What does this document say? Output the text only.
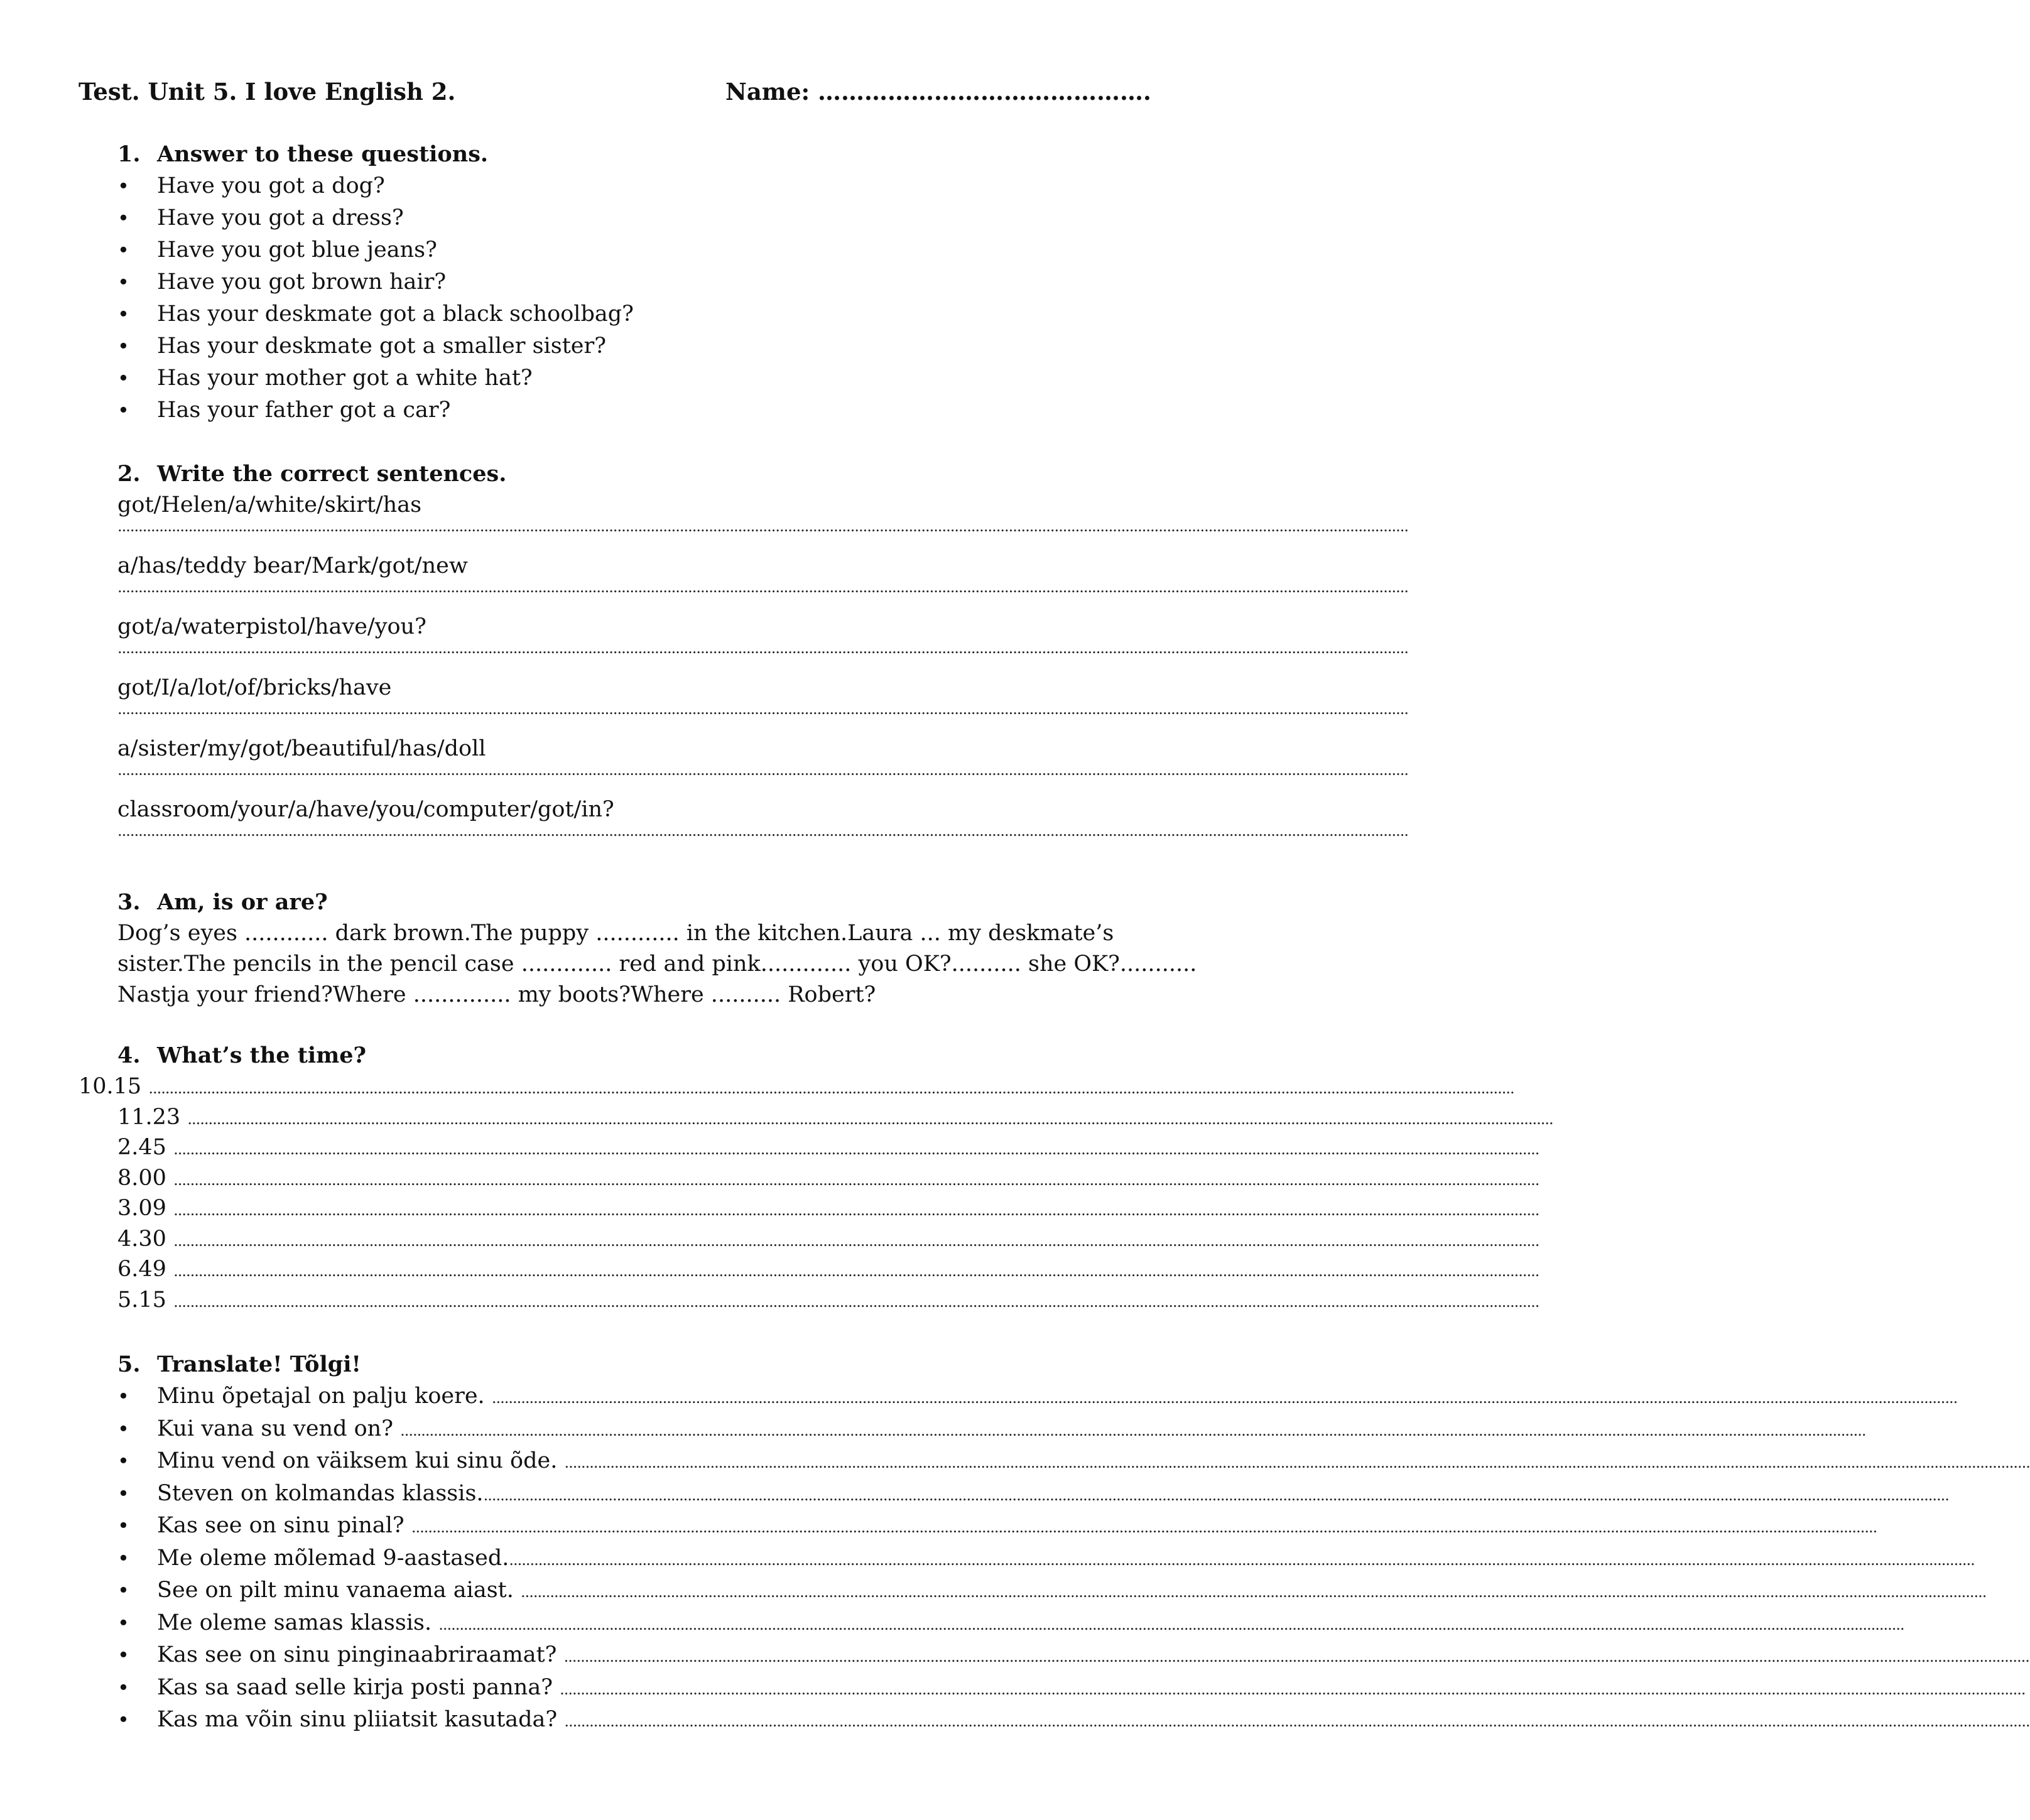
Test. Unit 5. I love English 2.	Name: …………………………………….
1. Answer to these questions.
• Have you got a dog?
• Have you got a dress?
• Have you got blue jeans?
• Have you got brown hair?
• Has your deskmate got a black schoolbag?
• Has your deskmate got a smaller sister?
• Has your mother got a white hat?
• Has your father got a car?
2. Write the correct sentences.
got/Helen/a/white/skirt/has
......................................................................................................................................................................................................................................................................................................................
a/has/teddy bear/Mark/got/new
......................................................................................................................................................................................................................................................................................................................
got/a/waterpistol/have/you?
......................................................................................................................................................................................................................................................................................................................
got/I/a/lot/of/bricks/have
......................................................................................................................................................................................................................................................................................................................
a/sister/my/got/beautiful/has/doll
......................................................................................................................................................................................................................................................................................................................
classroom/your/a/have/you/computer/got/in?
......................................................................................................................................................................................................................................................................................................................
3. Am, is or are?

Dog’s eyes ............ dark brown.The puppy ............ in the kitchen.Laura ... my deskmate’s sister.The pencils in the pencil case ............. red and pink............. you OK?.......... she OK?........... Nastja your friend?Where .............. my boots?Where .......... Robert?

4. What’s the time?
10.15 ........................................................................................................................................................................................................................................................................................................................................
11.23 ........................................................................................................................................................................................................................................................................................................................................
2.45 ........................................................................................................................................................................................................................................................................................................................................
8.00 ........................................................................................................................................................................................................................................................................................................................................
3.09 ........................................................................................................................................................................................................................................................................................................................................
4.30 ........................................................................................................................................................................................................................................................................................................................................
6.49 ........................................................................................................................................................................................................................................................................................................................................
5.15 ........................................................................................................................................................................................................................................................................................................................................
5. Translate! Tõlgi!
• Minu õpetajal on palju koere. ................................................................................................................................................................................................................................................................................................................................................................
• Kui vana su vend on? ................................................................................................................................................................................................................................................................................................................................................................
• Minu vend on väiksem kui sinu õde. ................................................................................................................................................................................................................................................................................................................................................................
• Steven on kolmandas klassis.................................................................................................................................................................................................................................................................................................................................................................
• Kas see on sinu pinal? ................................................................................................................................................................................................................................................................................................................................................................
• Me oleme mõlemad 9-aastased.................................................................................................................................................................................................................................................................................................................................................................
• See on pilt minu vanaema aiast. ................................................................................................................................................................................................................................................................................................................................................................
• Me oleme samas klassis. ................................................................................................................................................................................................................................................................................................................................................................
• Kas see on sinu pinginaabriraamat? ................................................................................................................................................................................................................................................................................................................................................................
• Kas sa saad selle kirja posti panna? ................................................................................................................................................................................................................................................................................................................................................................
• Kas ma võin sinu pliiatsit kasutada? ................................................................................................................................................................................................................................................................................................................................................................
